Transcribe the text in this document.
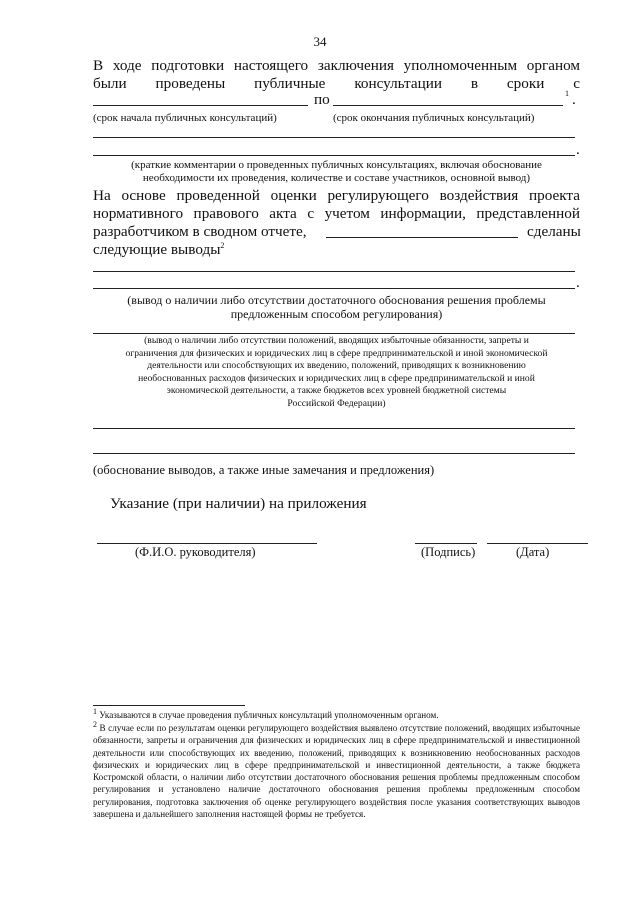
34
В ходе подготовки настоящего заключения уполномоченным органом
были проведены публичные консультации в сроки с
по	$^1$ .
(срок начала публичных консультаций)	(срок окончания публичных консультаций)
.
(краткие комментарии о проведенных публичных консультациях, включая обоснование
необходимости их проведения, количестве и составе участников, основной вывод)
На основе проведенной оценки регулирующего воздействия проекта
нормативного правового акта с учетом информации, представленной
разработчиком в сводном отчете,	сделаны
следующие выводы$^2$
.
(вывод о наличии либо отсутствии достаточного обоснования решения проблемы
предложенным способом регулирования)
(вывод о наличии либо отсутствии положений, вводящих избыточные обязанности, запреты и
ограничения для физических и юридических лиц в сфере предпринимательской и иной экономической
деятельности или способствующих их введению, положений, приводящих к возникновению
необоснованных расходов физических и юридических лиц в сфере предпринимательской и иной
экономической деятельности, а также бюджетов всех уровней бюджетной системы
Российской Федерации)
(обоснование выводов, а также иные замечания и предложения)
Указание (при наличии) на приложения
(Ф.И.О. руководителя)	(Подпись)	(Дата)
$^1$ Указываются в случае проведения публичных консультаций уполномоченным органом.
$^2$ В случае если по результатам оценки регулирующего воздействия выявлено отсутствие положений, вводящих избыточные обязанности, запреты и ограничения для физических и юридических лиц в сфере предпринимательской и инвестиционной деятельности или способствующих их введению, положений, приводящих к возникновению необоснованных расходов физических и юридических лиц в сфере предпринимательской и инвестиционной деятельности, а также бюджета Костромской области, о наличии либо отсутствии достаточного обоснования решения проблемы предложенным способом регулирования и установлено наличие достаточного обоснования решения проблемы предложенным способом регулирования, подготовка заключения об оценке регулирующего воздействия после указания соответствующих выводов завершена и дальнейшего заполнения настоящей формы не требуется.
